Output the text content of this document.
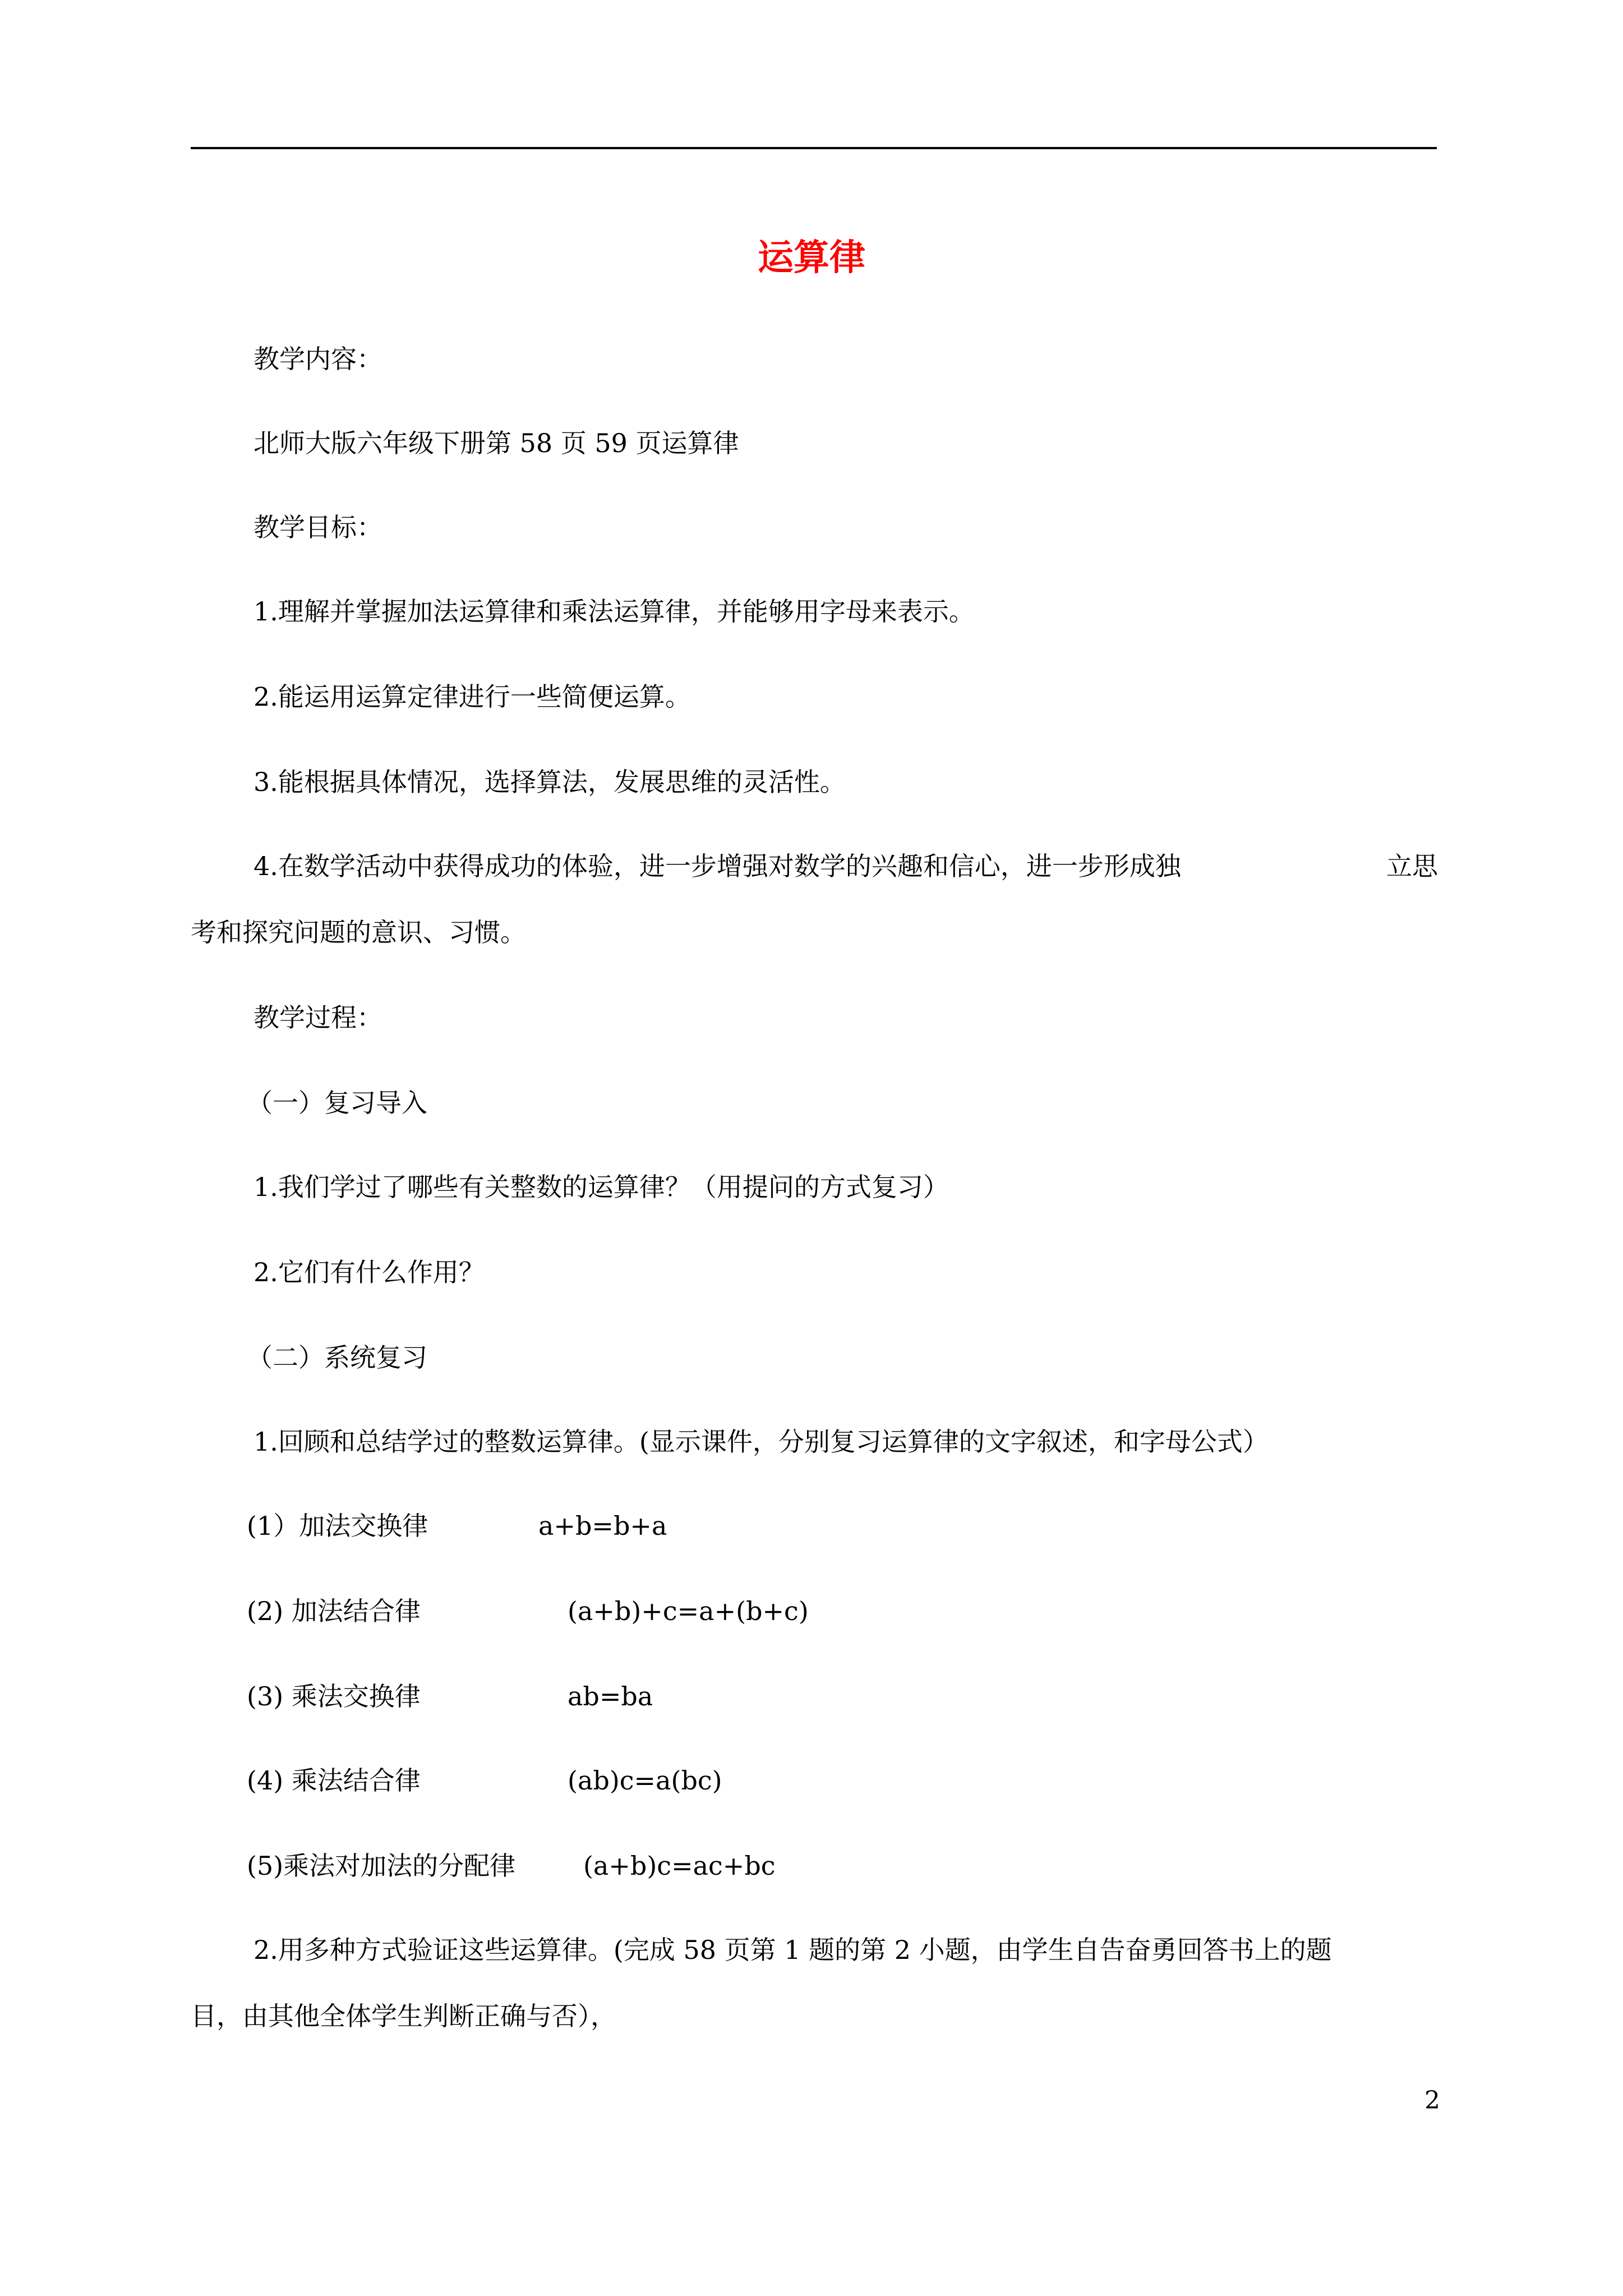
运算律
教学内容：
北师大版六年级下册第 58 页 59 页运算律
教学目标：
1.理解并掌握加法运算律和乘法运算律，并能够用字母来表示。
2.能运用运算定律进行一些简便运算。
3.能根据具体情况，选择算法，发展思维的灵活性。
4.在数学活动中获得成功的体验，进一步增强对数学的兴趣和信心，进一步形成独	立思
考和探究问题的意识、习惯。
教学过程：
（一）复习导入
1.我们学过了哪些有关整数的运算律？（用提问的方式复习）
2.它们有什么作用？
（二）系统复习
1.回顾和总结学过的整数运算律。(显示课件，分别复习运算律的文字叙述，和字母公式）
(1）加法交换律	a+b=b+a
(2) 加法结合律	(a+b)+c=a+(b+c)
(3) 乘法交换律	ab=ba
(4) 乘法结合律	(ab)c=a(bc)
(5)乘法对加法的分配律	(a+b)c=ac+bc
2.用多种方式验证这些运算律。(完成 58 页第 1 题的第 2 小题，由学生自告奋勇回答书上的题
目，由其他全体学生判断正确与否），
2
